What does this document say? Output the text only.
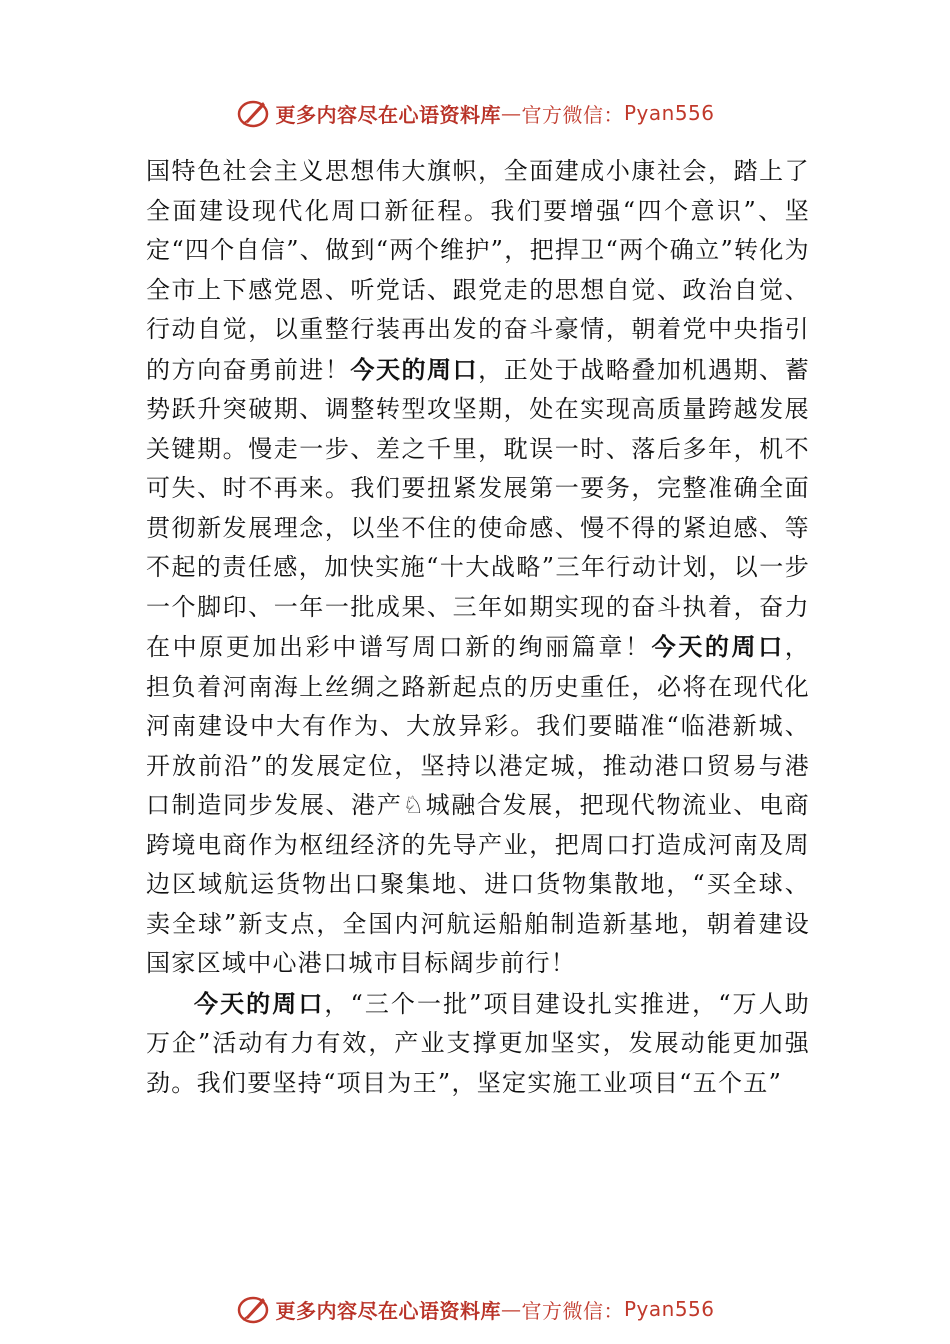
更多内容尽在心语资料库 — 官方微信： Pyan556

国特色社会主义思想伟大旗帜，全面建成小康社会，踏上了全面建设现代化周口新征程。我们要增强“四个意识”、坚定“四个自信”、做到“两个维护”，把捍卫“两个确立”转化为全市上下感党恩、听党话、跟党走的思想自觉、政治自觉、行动自觉，以重整行装再出发的奋斗豪情，朝着党中央指引的方向奋勇前进！今天的周口，正处于战略叠加机遇期、蓄势跃升突破期、调整转型攻坚期，处在实现高质量跨越发展关键期。慢走一步、差之千里，耽误一时、落后多年，机不可失、时不再来。我们要扭紧发展第一要务，完整准确全面贯彻新发展理念，以坐不住的使命感、慢不得的紧迫感、等不起的责任感，加快实施“十大战略”三年行动计划，以一步一个脚印、一年一批成果、三年如期实现的奋斗执着，奋力在中原更加出彩中谱写周口新的绚丽篇章！今天的周口， 担负着河南海上丝绸之路新起点的历史重任，必将在现代化河南建设中大有作为、大放异彩。我们要瞄准“临港新城、开放前沿”的发展定位，坚持以港定城，推动港口贸易与港口制造同步发展、港产♘城融合发展，把现代物流业、电商跨境电商作为枢纽经济的先导产业，把周口打造成河南及周边区域航运货物出口聚集地、进口货物集散地，“买全球、卖全球”新支点，全国内河航运船舶制造新基地，朝着建设国家区域中心港口城市目标阔步前行！

今天的周口，“三个一批”项目建设扎实推进，“万人助万企”活动有力有效，产业支撑更加坚实，发展动能更加强劲。我们要坚持“项目为王”，坚定实施工业项目“五个五”

更多内容尽在心语资料库 — 官方微信： Pyan556
